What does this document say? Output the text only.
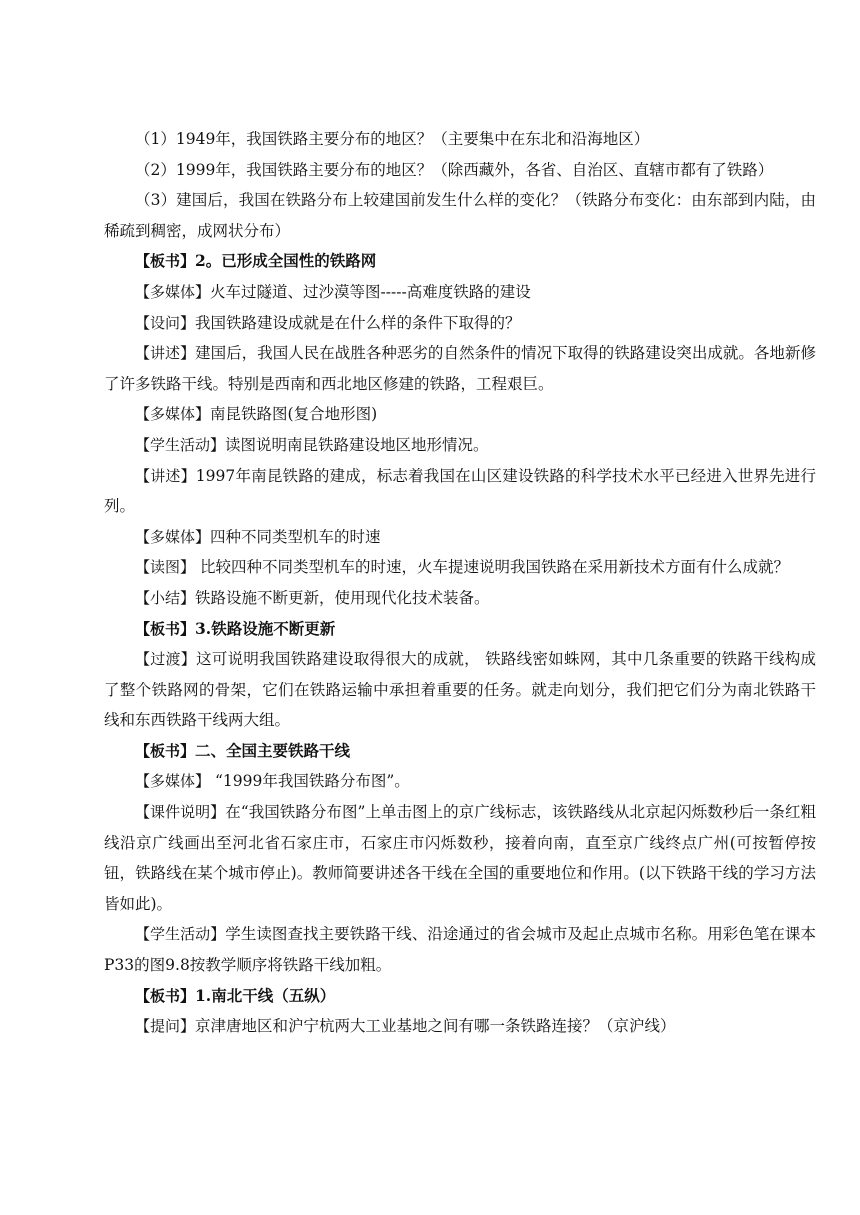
（1）1949年，我国铁路主要分布的地区？（主要集中在东北和沿海地区）

（2）1999年，我国铁路主要分布的地区？（除西藏外，各省、自治区、直辖市都有了铁路）

（3）建国后，我国在铁路分布上较建国前发生什么样的变化？（铁路分布变化：由东部到内陆，由稀疏到稠密，成网状分布）

【板书】2。已形成全国性的铁路网

【多媒体】火车过隧道、过沙漠等图-----高难度铁路的建设

【设问】我国铁路建设成就是在什么样的条件下取得的？

【讲述】建国后，我国人民在战胜各种恶劣的自然条件的情况下取得的铁路建设突出成就。各地新修了许多铁路干线。特别是西南和西北地区修建的铁路，工程艰巨。

【多媒体】南昆铁路图(复合地形图)

【学生活动】读图说明南昆铁路建设地区地形情况。

【讲述】1997年南昆铁路的建成，标志着我国在山区建设铁路的科学技术水平已经进入世界先进行列。

【多媒体】四种不同类型机车的时速

【读图】 比较四种不同类型机车的时速，火车提速说明我国铁路在采用新技术方面有什么成就？

【小结】铁路设施不断更新，使用现代化技术装备。

【板书】3.铁路设施不断更新

【过渡】这可说明我国铁路建设取得很大的成就， 铁路线密如蛛网，其中几条重要的铁路干线构成了整个铁路网的骨架，它们在铁路运输中承担着重要的任务。就走向划分，我们把它们分为南北铁路干线和东西铁路干线两大组。

【板书】二、全国主要铁路干线

【多媒体】 “1999年我国铁路分布图”。

【课件说明】在“我国铁路分布图”上单击图上的京广线标志，该铁路线从北京起闪烁数秒后一条红粗线沿京广线画出至河北省石家庄市，石家庄市闪烁数秒，接着向南，直至京广线终点广州(可按暂停按钮，铁路线在某个城市停止)。教师简要讲述各干线在全国的重要地位和作用。(以下铁路干线的学习方法皆如此)。

【学生活动】学生读图查找主要铁路干线、沿途通过的省会城市及起止点城市名称。用彩色笔在课本P33的图9.8按教学顺序将铁路干线加粗。

【板书】1.南北干线（五纵）

【提问】京津唐地区和沪宁杭两大工业基地之间有哪一条铁路连接？（京沪线）
